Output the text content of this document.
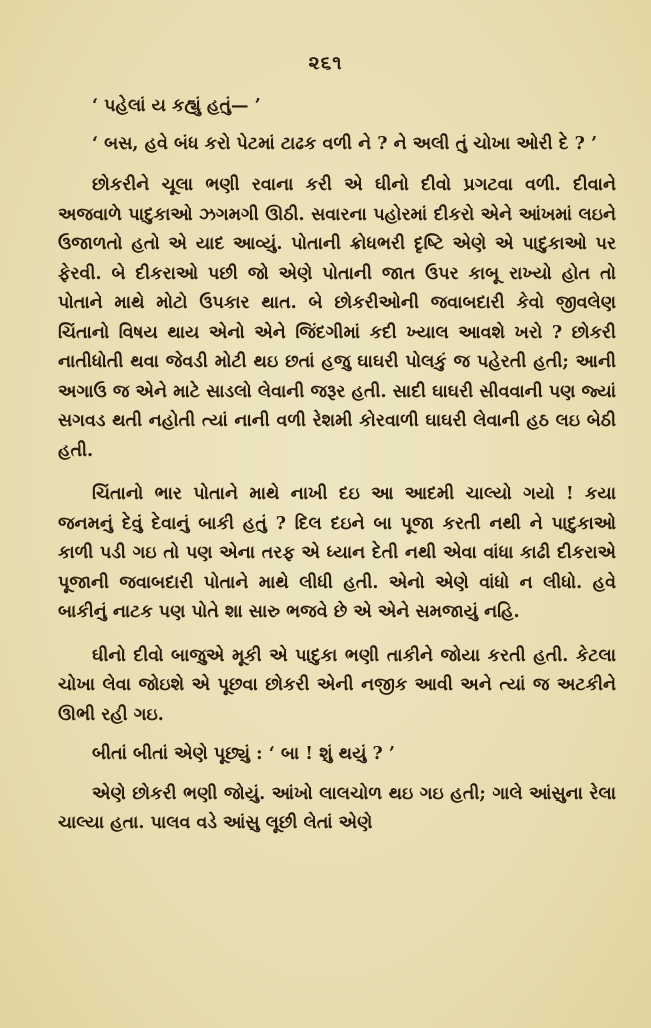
૨૬૧

‘ પહેલાં ય કહ્યું હતું— ’

‘ બસ, હવે બંધ કરો પેટમાં ટાઢક વળી ને ? ને અલી તું ચોખા ઓરી દે ? ’

છોકરીને ચૂલા ભણી રવાના કરી એ ઘીનો દીવો પ્રગટવા વળી. દીવાને અજવાળે પાદુકાઓ ઝગમગી ઊઠી. સવારના પહોરમાં દીકરો એને આંખમાં લઇને ઉજાળતો હતો એ યાદ આવ્યું. પોતાની ક્રોધભરી દૃષ્ટિ એણે એ પાદુકાઓ પર ફેરવી. બે દીકરાઓ પછી જો એણે પોતાની જાત ઉપર કાબૂ રાખ્યો હોત તો પોતાને માથે મોટો ઉપકાર થાત. બે છોકરીઓની જવાબદારી કેવો જીવલેણ ચિંતાનો વિષય થાય એનો એને જિંદગીમાં કદી ખ્યાલ આવશે ખરો ? છોકરી નાતીધોતી થવા જેવડી મોટી થઇ છતાં હજુ ઘાઘરી પોલકું જ પહેરતી હતી; આની અગાઉ જ એને માટે સાડલો લેવાની જરૂર હતી. સાદી ઘાઘરી સીવવાની પણ જ્યાં સગવડ થતી નહોતી ત્યાં નાની વળી રેશમી કોરવાળી ઘાઘરી લેવાની હઠ લઇ બેઠી હતી.

ચિંતાનો ભાર પોતાને માથે નાખી દઇ આ આદમી ચાલ્યો ગયો ! કયા જનમનું દેવું દેવાનું બાકી હતું ? દિલ દઇને બા પૂજા કરતી નથી ને પાદુકાઓ કાળી પડી ગઇ તો પણ એના તરફ એ ધ્યાન દેતી નથી એવા વાંધા કાઢી દીકરાએ પૂજાની જવાબદારી પોતાને માથે લીધી હતી. એનો એણે વાંધો ન લીધો. હવે બાકીનું નાટક પણ પોતે શા સારુ ભજવે છે એ એને સમજાયું નહિ.

ઘીનો દીવો બાજુએ મૂકી એ પાદુકા ભણી તાકીને જોયા કરતી હતી. કેટલા ચોખા લેવા જોઇશે એ પૂછવા છોકરી એની નજીક આવી અને ત્યાં જ અટકીને ઊભી રહી ગઇ.

બીતાં બીતાં એણે પૂછ્યું : ‘ બા ! શું થયું ? ’

એણે છોકરી ભણી જોયું. આંખો લાલચોળ થઇ ગઇ હતી; ગાલે આંસુના રેલા ચાલ્યા હતા. પાલવ વડે આંસુ લૂછી લેતાં એણે
